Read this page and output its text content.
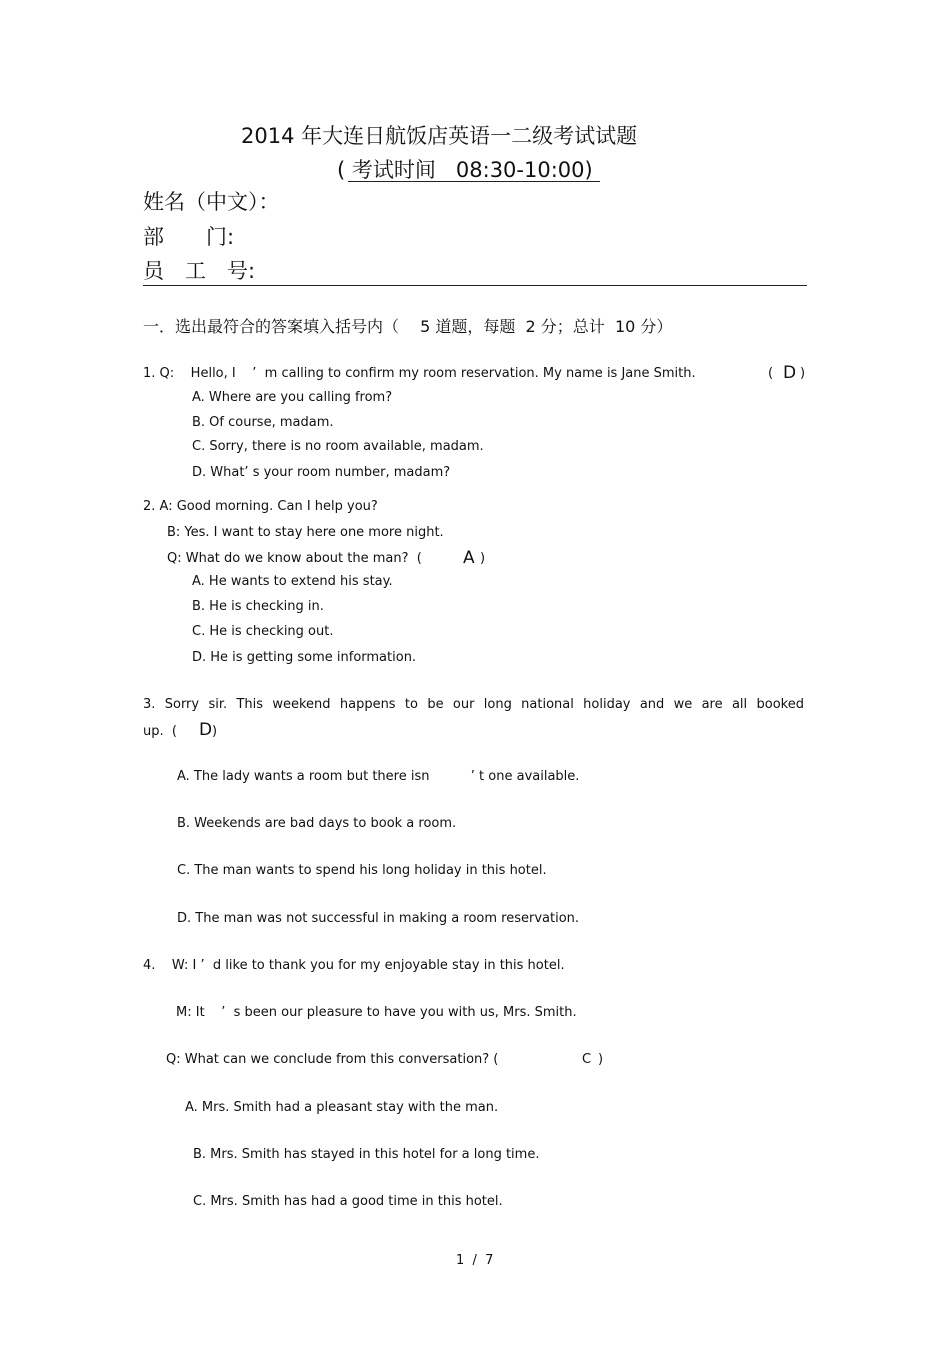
2014 年大连日航饭店英语一二级考试试题
( 考试时间   08:30-10:00)
姓名（中文）：
部　　门:
员　工　号:
一．选出最符合的答案填入括号内（　 5 道题，每题  2 分；总计  10 分）
1. Q:    Hello, I    ’  m calling to confirm my room reservation. My name is Jane Smith.	( D )
A. Where are you calling from?
B. Of course, madam.
C. Sorry, there is no room available, madam.
D. What’ s your room number, madam?
2. A: Good morning. Can I help you?
B: Yes. I want to stay here one more night.
Q: What do we know about the man?  ( A )
A. He wants to extend his stay.
B. He is checking in.
C. He is checking out.
D. He is getting some information.
3. Sorry sir. This weekend happens to be our long national holiday and we are all booked
up.  ( D )
A. The lady wants a room but there isn          ’ t one available.
B. Weekends are bad days to book a room.
C. The man wants to spend his long holiday in this hotel.
D. The man was not successful in making a room reservation.
4.    W: I ’  d like to thank you for my enjoyable stay in this hotel.
M: It    ’  s been our pleasure to have you with us, Mrs. Smith.
Q: What can we conclude from this conversation? (	C )
A. Mrs. Smith had a pleasant stay with the man.
B. Mrs. Smith has stayed in this hotel for a long time.
C. Mrs. Smith has had a good time in this hotel.
1  /  7
